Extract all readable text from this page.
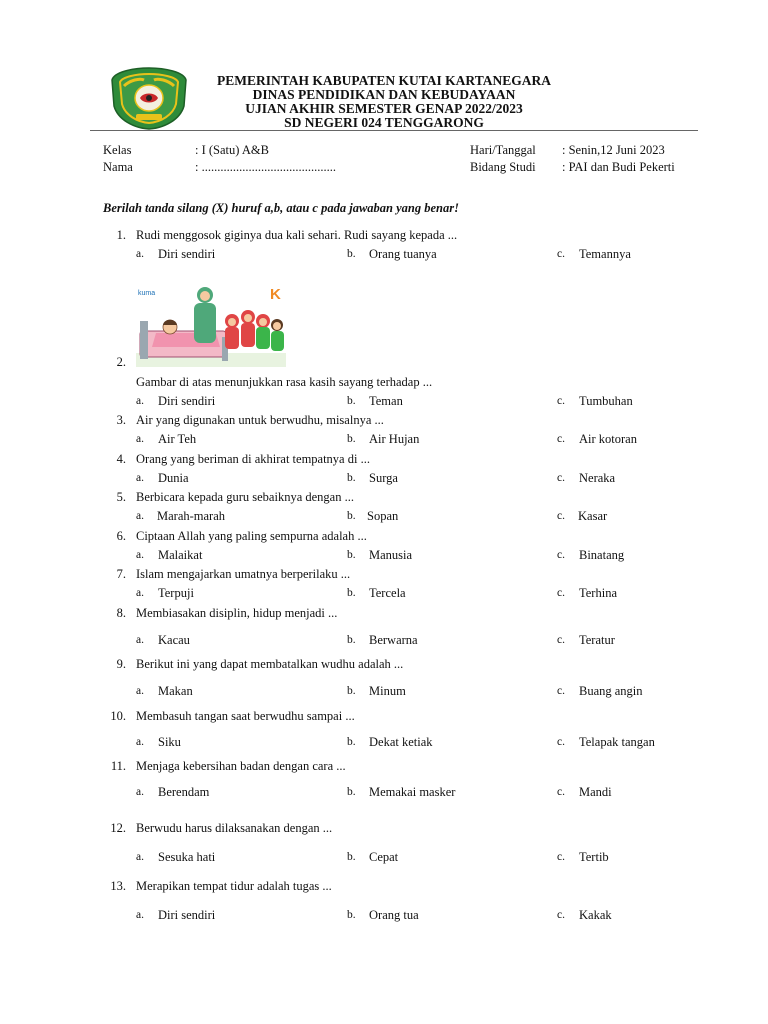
PEMERINTAH KABUPATEN KUTAI KARTANEGARA
DINAS PENDIDIKAN DAN KEBUDAYAAN
UJIAN AKHIR SEMESTER GENAP 2022/2023
SD NEGERI 024 TENGGARONG
Kelas	: I (Satu) A&B
Nama	: ...........................................
Hari/Tanggal : Senin,12 Juni 2023
Bidang Studi : PAI dan Budi Pekerti
Berilah tanda silang (X) huruf a,b, atau c pada jawaban yang benar!
kuma	K
1. Rudi menggosok giginya dua kali sehari. Rudi sayang kepada ...
a. Diri sendiri	b. Orang tuanya	c. Temannya
2.
Gambar di atas menunjukkan rasa kasih sayang terhadap ...
a. Diri sendiri	b. Teman	c. Tumbuhan
3. Air yang digunakan untuk berwudhu, misalnya ...
a. Air Teh	b. Air Hujan	c. Air kotoran
4. Orang yang beriman di akhirat tempatnya di ...
a. Dunia	b. Surga	c. Neraka
5. Berbicara kepada guru sebaiknya dengan ...
a. Marah-marah	b. Sopan	c. Kasar
6. Ciptaan Allah yang paling sempurna adalah ...
a. Malaikat	b. Manusia	c. Binatang
7. Islam mengajarkan umatnya berperilaku ...
a. Terpuji	b. Tercela	c. Terhina
8. Membiasakan disiplin, hidup menjadi ...
a. Kacau	b. Berwarna	c. Teratur
9. Berikut ini yang dapat membatalkan wudhu adalah ...
a. Makan	b. Minum	c. Buang angin
10. Membasuh tangan saat berwudhu sampai ...
a. Siku	b. Dekat ketiak	c. Telapak tangan
11. Menjaga kebersihan badan dengan cara ...
a. Berendam	b. Memakai masker	c. Mandi
12. Berwudu harus dilaksanakan dengan ...
a. Sesuka hati	b. Cepat	c. Tertib
13. Merapikan tempat tidur adalah tugas ...
a. Diri sendiri	b. Orang tua	c. Kakak
